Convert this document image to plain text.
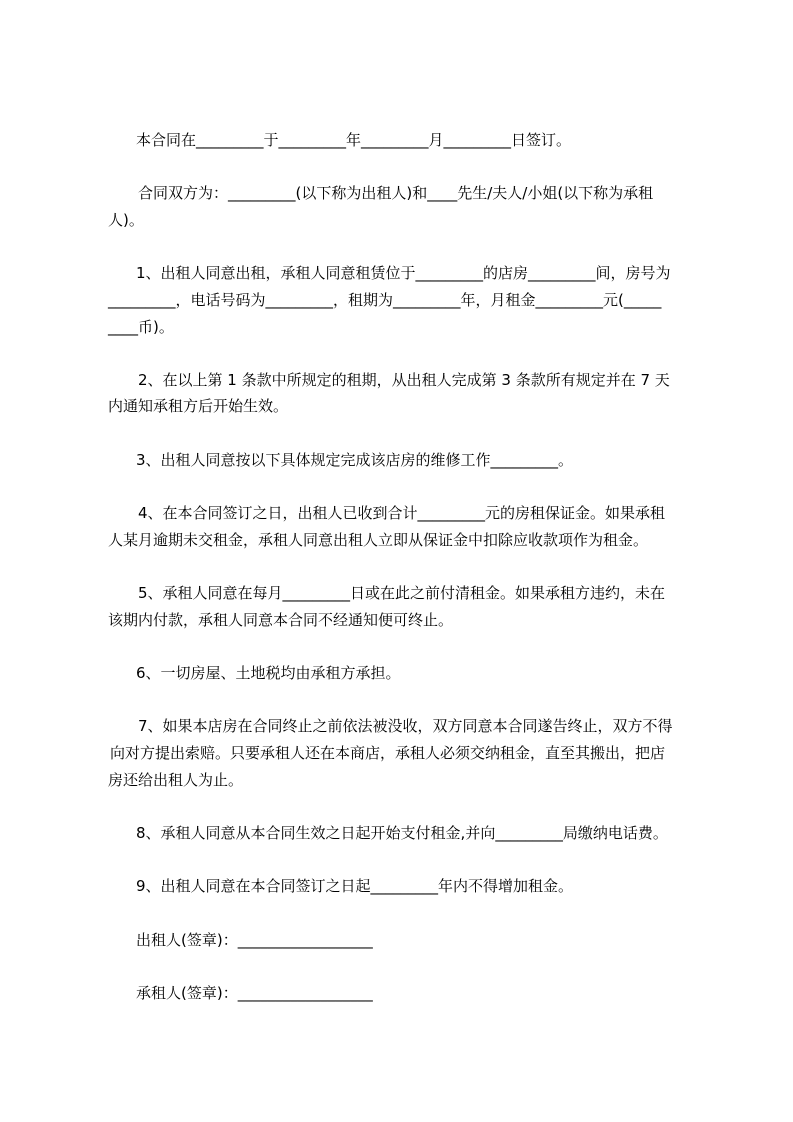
本合同在_________于_________年_________月_________日签订。
合同双方为：_________(以下称为出租人)和____先生/夫人/小姐(以下称为承租
人)。
1、出租人同意出租，承租人同意租赁位于_________的店房_________间，房号为
_________，电话号码为_________，租期为_________年，月租金_________元(_____
____币)。
2、在以上第 1 条款中所规定的租期，从出租人完成第 3 条款所有规定并在 7 天
内通知承租方后开始生效。
3、出租人同意按以下具体规定完成该店房的维修工作_________。
4、在本合同签订之日，出租人已收到合计_________元的房租保证金。如果承租
人某月逾期未交租金，承租人同意出租人立即从保证金中扣除应收款项作为租金。
5、承租人同意在每月_________日或在此之前付清租金。如果承租方违约，未在
该期内付款，承租人同意本合同不经通知便可终止。
6、一切房屋、土地税均由承租方承担。
7、如果本店房在合同终止之前依法被没收，双方同意本合同遂告终止，双方不得
向对方提出索赔。只要承租人还在本商店，承租人必须交纳租金，直至其搬出，把店
房还给出租人为止。
8、承租人同意从本合同生效之日起开始支付租金,并向_________局缴纳电话费。
9、出租人同意在本合同签订之日起_________年内不得增加租金。
出租人(签章)：__________________
承租人(签章)：__________________
